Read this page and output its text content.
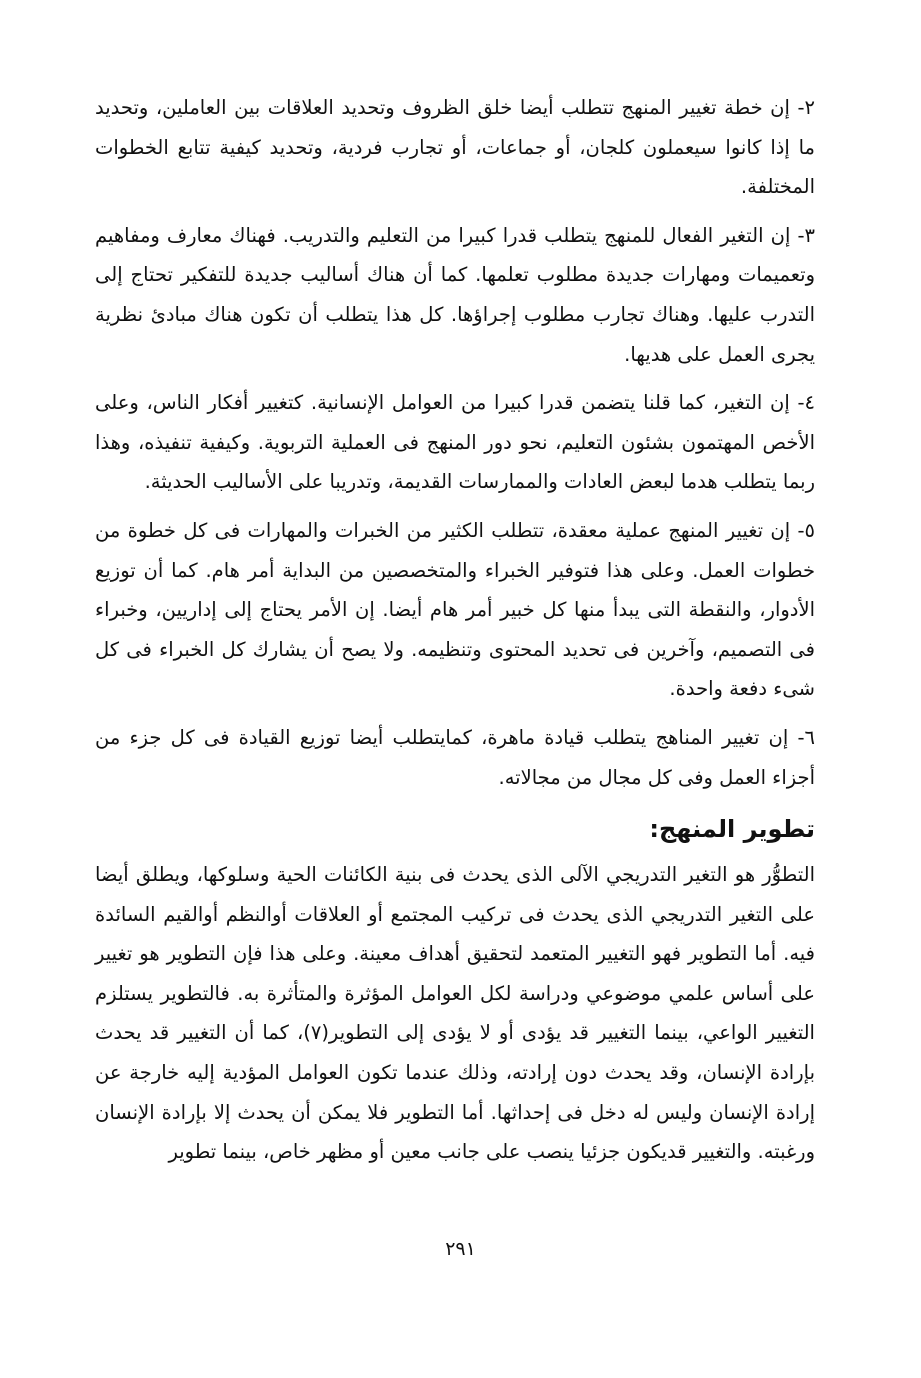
٢- إن خطة تغيير المنهج تتطلب أيضا خلق الظروف وتحديد العلاقات بين العاملين، وتحديد ما إذا كانوا سيعملون كلجان، أو جماعات، أو تجارب فردية، وتحديد كيفية تتابع الخطوات المختلفة.

٣- إن التغير الفعال للمنهج يتطلب قدرا كبيرا من التعليم والتدريب. فهناك معارف ومفاهيم وتعميمات ومهارات جديدة مطلوب تعلمها. كما أن هناك أساليب جديدة للتفكير تحتاج إلى التدرب عليها. وهناك تجارب مطلوب إجراؤها. كل هذا يتطلب أن تكون هناك مبادئ نظرية يجرى العمل على هديها.

٤- إن التغير، كما قلنا يتضمن قدرا كبيرا من العوامل الإنسانية. كتغيير أفكار الناس، وعلى الأخص المهتمون بشئون التعليم، نحو دور المنهج فى العملية التربوية. وكيفية تنفيذه، وهذا ربما يتطلب هدما لبعض العادات والممارسات القديمة، وتدريبا على الأساليب الحديثة.

٥- إن تغيير المنهج عملية معقدة، تتطلب الكثير من الخبرات والمهارات فى كل خطوة من خطوات العمل. وعلى هذا فتوفير الخبراء والمتخصصين من البداية أمر هام. كما أن توزيع الأدوار، والنقطة التى يبدأ منها كل خبير أمر هام أيضا. إن الأمر يحتاج إلى إداريين، وخبراء فى التصميم، وآخرين فى تحديد المحتوى وتنظيمه. ولا يصح أن يشارك كل الخبراء فى كل شىء دفعة واحدة.

٦- إن تغيير المناهج يتطلب قيادة ماهرة، كمايتطلب أيضا توزيع القيادة فى كل جزء من أجزاء العمل وفى كل مجال من مجالاته.

تطوير المنهج:

التطوُّر هو التغير التدريجي الآلى الذى يحدث فى بنية الكائنات الحية وسلوكها، ويطلق أيضا على التغير التدريجي الذى يحدث فى تركيب المجتمع أو العلاقات أوالنظم أوالقيم السائدة فيه. أما التطوير فهو التغيير المتعمد لتحقيق أهداف معينة. وعلى هذا فإن التطوير هو تغيير على أساس علمي موضوعي ودراسة لكل العوامل المؤثرة والمتأثرة به. فالتطوير يستلزم التغيير الواعي، بينما التغيير قد يؤدى أو لا يؤدى إلى التطوير(٧)، كما أن التغيير قد يحدث بإرادة الإنسان، وقد يحدث دون إرادته، وذلك عندما تكون العوامل المؤدية إليه خارجة عن إرادة الإنسان وليس له دخل فى إحداثها. أما التطوير فلا يمكن أن يحدث إلا بإرادة الإنسان ورغبته. والتغيير قديكون جزئيا ينصب على جانب معين أو مظهر خاص، بينما تطوير

٢٩١
